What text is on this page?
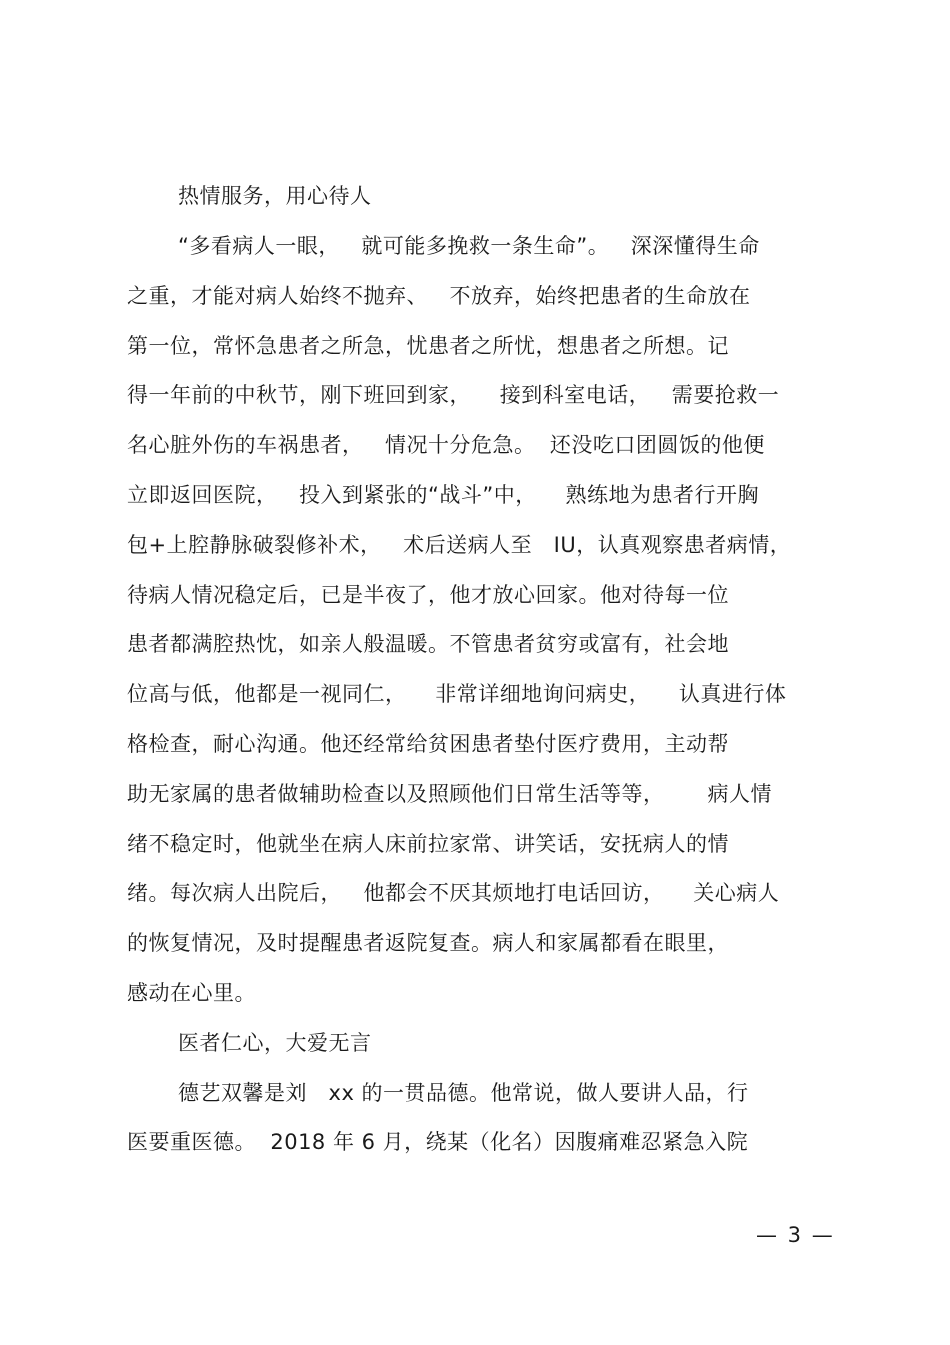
热情服务，用心待人
“多看病人一眼，   就可能多挽救一条生命”。   深深懂得生命
之重，才能对病人始终不抛弃、   不放弃，始终把患者的生命放在
第一位，常怀急患者之所急，忧患者之所忧，想患者之所想。记
得一年前的中秋节，刚下班回到家，    接到科室电话，   需要抢救一
名心脏外伤的车祸患者，   情况十分危急。  还没吃口团圆饭的他便
立即返回医院，   投入到紧张的“战斗”中，    熟练地为患者行开胸
包+上腔静脉破裂修补术，   术后送病人至   IU，认真观察患者病情，
待病人情况稳定后，已是半夜了，他才放心回家。他对待每一位
患者都满腔热忱，如亲人般温暖。不管患者贫穷或富有，社会地
位高与低，他都是一视同仁，    非常详细地询问病史，    认真进行体
格检查，耐心沟通。他还经常给贫困患者垫付医疗费用，主动帮
助无家属的患者做辅助检查以及照顾他们日常生活等等，      病人情
绪不稳定时，他就坐在病人床前拉家常、讲笑话，安抚病人的情
绪。每次病人出院后，   他都会不厌其烦地打电话回访，    关心病人
的恢复情况，及时提醒患者返院复查。病人和家属都看在眼里，
感动在心里。
医者仁心，大爱无言
德艺双馨是刘   xx 的一贯品德。他常说，做人要讲人品，行
医要重医德。  2018 年 6 月，绕某（化名）因腹痛难忍紧急入院
— 3 —
